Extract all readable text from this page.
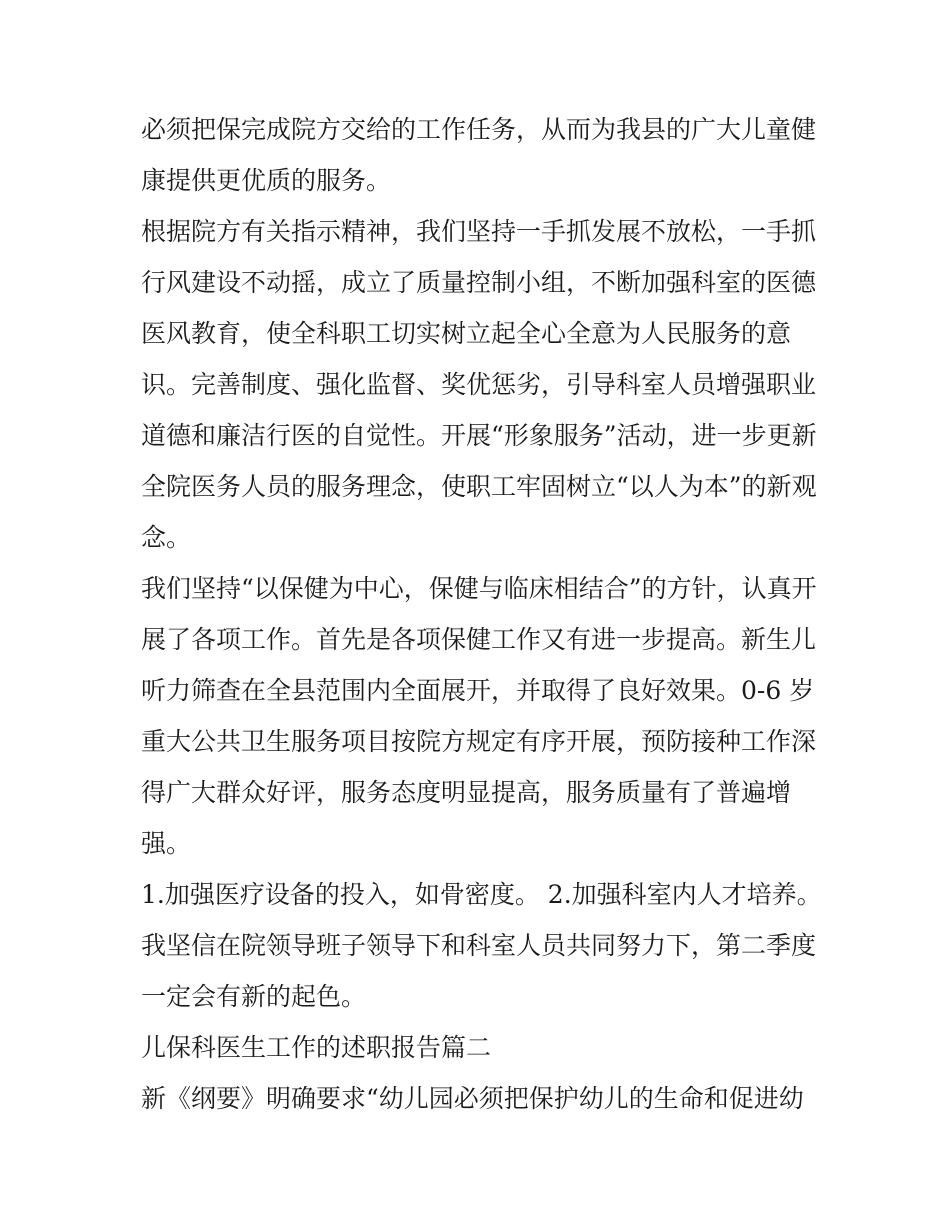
必须把保完成院方交给的工作任务，从而为我县的广大儿童健
康提供更优质的服务。
根据院方有关指示精神，我们坚持一手抓发展不放松，一手抓
行风建设不动摇，成立了质量控制小组，不断加强科室的医德
医风教育，使全科职工切实树立起全心全意为人民服务的意
识。完善制度、强化监督、奖优惩劣，引导科室人员增强职业
道德和廉洁行医的自觉性。开展“形象服务”活动，进一步更新
全院医务人员的服务理念，使职工牢固树立“以人为本”的新观
念。
我们坚持“以保健为中心，保健与临床相结合”的方针，认真开
展了各项工作。首先是各项保健工作又有进一步提高。新生儿
听力筛查在全县范围内全面展开，并取得了良好效果。0-6 岁
重大公共卫生服务项目按院方规定有序开展，预防接种工作深
得广大群众好评，服务态度明显提高，服务质量有了普遍增
强。
1.加强医疗设备的投入，如骨密度。 2.加强科室内人才培养。
我坚信在院领导班子领导下和科室人员共同努力下，第二季度
一定会有新的起色。
儿保科医生工作的述职报告篇二
新《纲要》明确要求“幼儿园必须把保护幼儿的生命和促进幼
